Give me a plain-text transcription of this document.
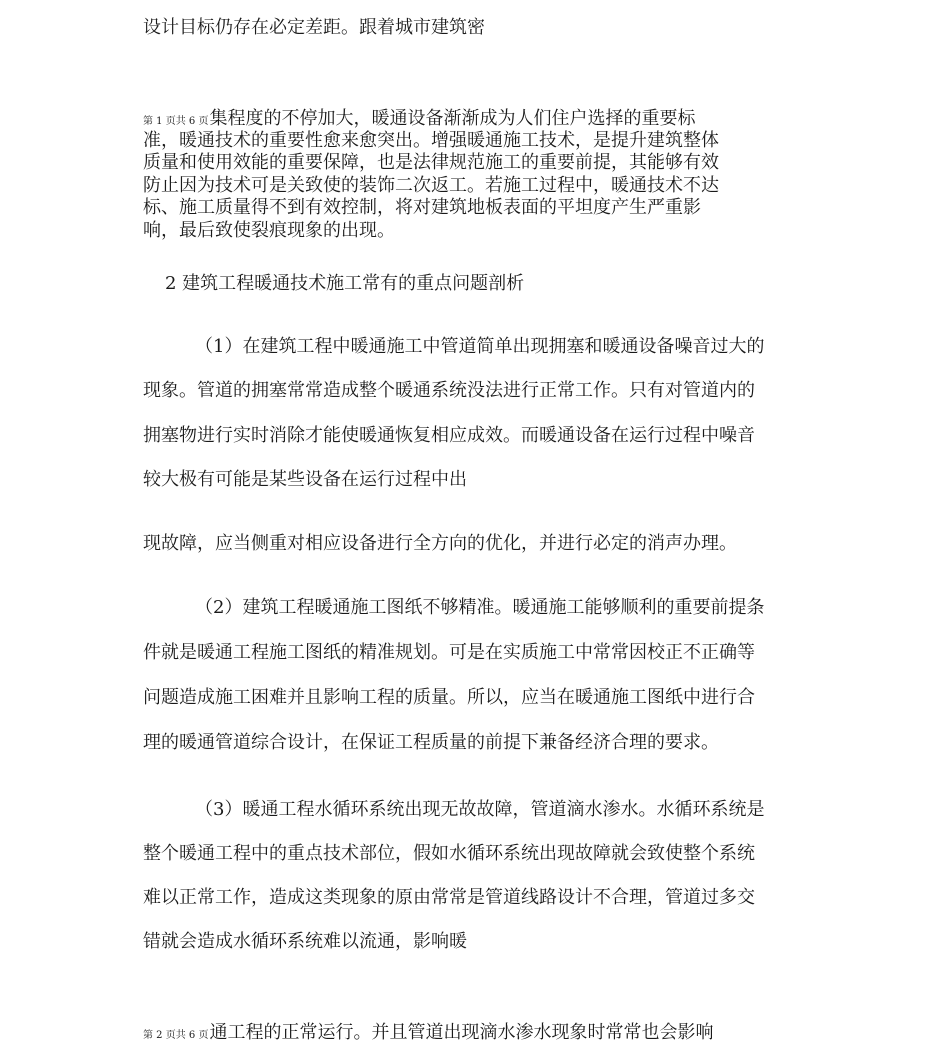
设计目标仍存在必定差距。跟着城市建筑密
第 1 页共 6 页集程度的不停加大，暖通设备渐渐成为人们住户选择的重要标
准，暖通技术的重要性愈来愈突出。增强暖通施工技术，是提升建筑整体
质量和使用效能的重要保障，也是法律规范施工的重要前提，其能够有效
防止因为技术可是关致使的装饰二次返工。若施工过程中，暖通技术不达
标、施工质量得不到有效控制，将对建筑地板表面的平坦度产生严重影
响，最后致使裂痕现象的出现。
2 建筑工程暖通技术施工常有的重点问题剖析
（1）在建筑工程中暖通施工中管道简单出现拥塞和暖通设备噪音过大的
现象。管道的拥塞常常造成整个暖通系统没法进行正常工作。只有对管道内的
拥塞物进行实时消除才能使暖通恢复相应成效。而暖通设备在运行过程中噪音
较大极有可能是某些设备在运行过程中出
现故障，应当侧重对相应设备进行全方向的优化，并进行必定的消声办理。
（2）建筑工程暖通施工图纸不够精准。暖通施工能够顺利的重要前提条
件就是暖通工程施工图纸的精准规划。可是在实质施工中常常因校正不正确等
问题造成施工困难并且影响工程的质量。所以，应当在暖通施工图纸中进行合
理的暖通管道综合设计，在保证工程质量的前提下兼备经济合理的要求。
（3）暖通工程水循环系统出现无故故障，管道滴水渗水。水循环系统是
整个暖通工程中的重点技术部位，假如水循环系统出现故障就会致使整个系统
难以正常工作，造成这类现象的原由常常是管道线路设计不合理，管道过多交
错就会造成水循环系统难以流通，影响暖
第 2 页共 6 页通工程的正常运行。并且管道出现滴水渗水现象时常常也会影响
